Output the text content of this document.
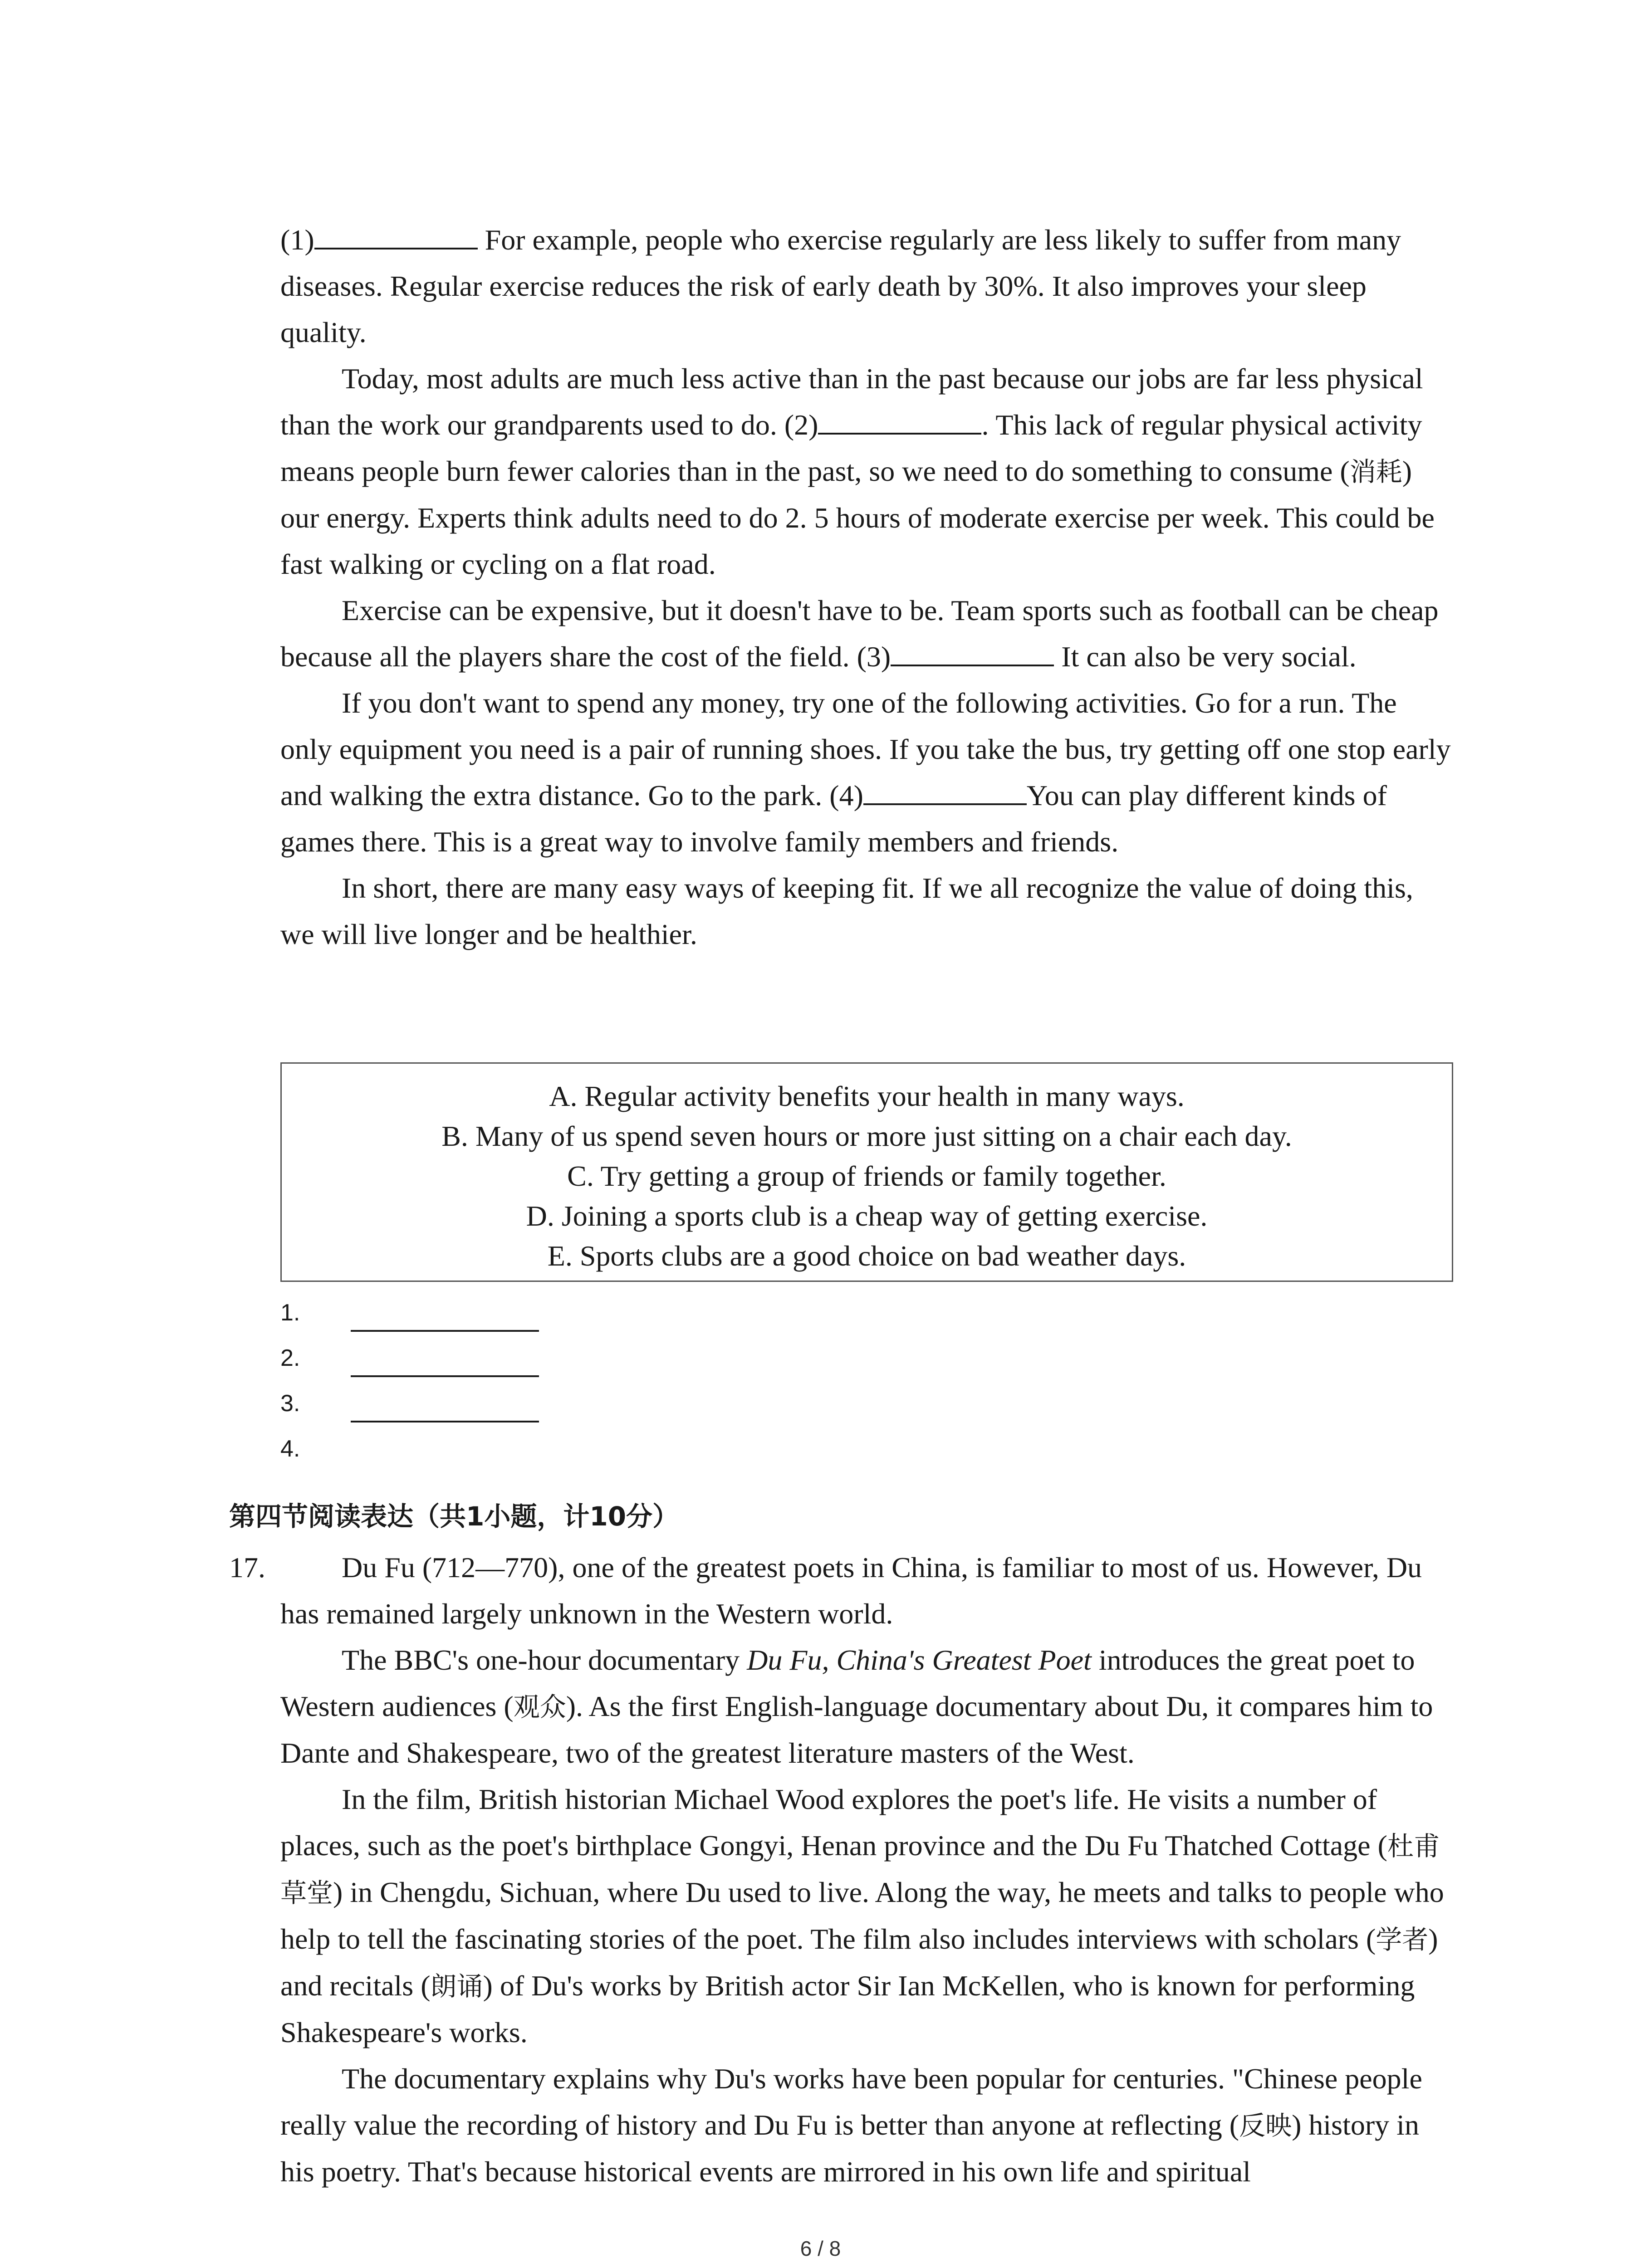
(1)	For example, people who exercise regularly are less likely to suffer from many diseases. Regular exercise reduces the risk of early death by 30%. It also improves your sleep quality.

Today, most adults are much less active than in the past because our jobs are far less physical than the work our grandparents used to do. (2)	. This lack of regular physical activity means people burn fewer calories than in the past, so we need to do something to consume (消耗) our energy. Experts think adults need to do 2. 5 hours of moderate exercise per week. This could be fast walking or cycling on a flat road.

Exercise can be expensive, but it doesn't have to be. Team sports such as football can be cheap because all the players share the cost of the field. (3)	It can also be very social.

If you don't want to spend any money, try one of the following activities. Go for a run. The only equipment you need is a pair of running shoes. If you take the bus, try getting off one stop early and walking the extra distance. Go to the park. (4)	You can play different kinds of games there. This is a great way to involve family members and friends.

In short, there are many easy ways of keeping fit. If we all recognize the value of doing this, we will live longer and be healthier.

A. Regular activity benefits your health in many ways.
B. Many of us spend seven hours or more just sitting on a chair each day.
C. Try getting a group of friends or family together.
D. Joining a sports club is a cheap way of getting exercise.
E. Sports clubs are a good choice on bad weather days.
1.
2.
3.
4.
第四节阅读表达（共1小题，计10分）
17.	Du Fu (712—770), one of the greatest poets in China, is familiar to most of us. However, Du has remained largely unknown in the Western world.

The BBC's one-hour documentary Du Fu, China's Greatest Poet introduces the great poet to Western audiences (观众). As the first English-language documentary about Du, it compares him to Dante and Shakespeare, two of the greatest literature masters of the West.

In the film, British historian Michael Wood explores the poet's life. He visits a number of places, such as the poet's birthplace Gongyi, Henan province and the Du Fu Thatched Cottage (杜甫草堂) in Chengdu, Sichuan, where Du used to live. Along the way, he meets and talks to people who help to tell the fascinating stories of the poet. The film also includes interviews with scholars (学者) and recitals (朗诵) of Du's works by British actor Sir Ian McKellen, who is known for performing Shakespeare's works.

The documentary explains why Du's works have been popular for centuries. "Chinese people really value the recording of history and Du Fu is better than anyone at reflecting (反映) history in his poetry. That's because historical events are mirrored in his own life and spiritual

6 / 8
